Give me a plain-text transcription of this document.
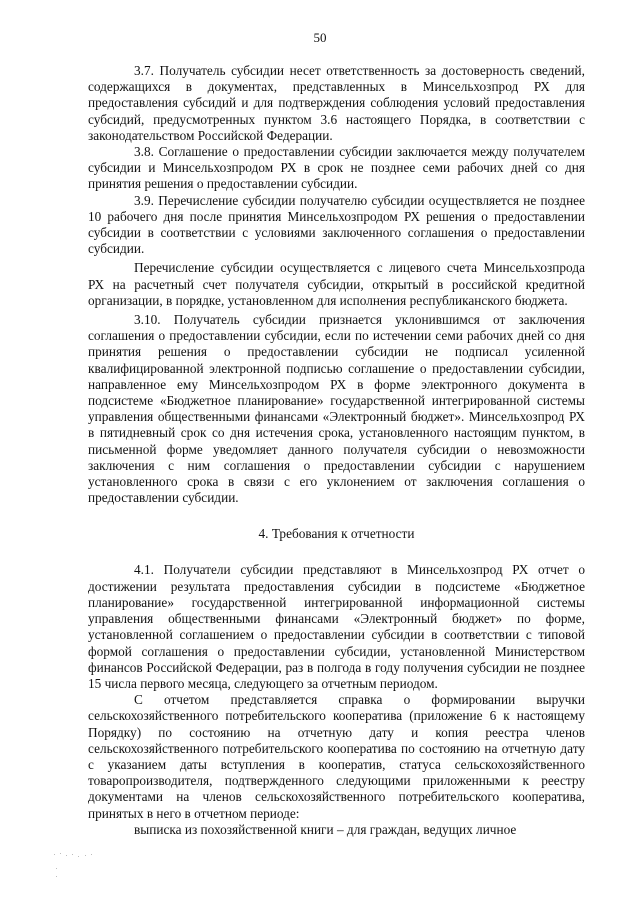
50

3.7. Получатель субсидии несет ответственность за достоверность сведений, содержащихся в документах, представленных в Минсельхозпрод РХ для предоставления субсидий и для подтверждения соблюдения условий предоставления субсидий, предусмотренных пунктом 3.6 настоящего Порядка, в соответствии с законодательством Российской Федерации.

3.8. Соглашение о предоставлении субсидии заключается между получателем субсидии и Минсельхозпродом РХ в срок не позднее семи рабочих дней со дня принятия решения о предоставлении субсидии.

3.9. Перечисление субсидии получателю субсидии осуществляется не позднее 10 рабочего дня после принятия Минсельхозпродом РХ решения о предоставлении субсидии в соответствии с условиями заключенного соглашения о предоставлении субсидии.

Перечисление субсидии осуществляется с лицевого счета Минсельхозпрода РХ на расчетный счет получателя субсидии, открытый в российской кредитной организации, в порядке, установленном для исполнения республиканского бюджета.

3.10. Получатель субсидии признается уклонившимся от заключения соглашения о предоставлении субсидии, если по истечении семи рабочих дней со дня принятия решения о предоставлении субсидии не подписал усиленной квалифицированной электронной подписью соглашение о предоставлении субсидии, направленное ему Минсельхозпродом РХ в форме электронного документа в подсистеме «Бюджетное планирование» государственной интегрированной системы управления общественными финансами «Электронный бюджет». Минсельхозпрод РХ в пятидневный срок со дня истечения срока, установленного настоящим пунктом, в письменной форме уведомляет данного получателя субсидии о невозможности заключения с ним соглашения о предоставлении субсидии с нарушением установленного срока в связи с его уклонением от заключения соглашения о предоставлении субсидии.

4. Требования к отчетности

4.1. Получатели субсидии представляют в Минсельхозпрод РХ отчет о достижении результата предоставления субсидии в подсистеме «Бюджетное планирование» государственной интегрированной информационной системы управления общественными финансами «Электронный бюджет» по форме, установленной соглашением о предоставлении субсидии в соответствии с типовой формой соглашения о предоставлении субсидии, установленной Министерством финансов Российской Федерации, раз в полгода в году получения субсидии не позднее 15 числа первого месяца, следующего за отчетным периодом.

С отчетом представляется справка о формировании выручки сельскохозяйственного потребительского кооператива (приложение 6 к настоящему Порядку) по состоянию на отчетную дату и копия реестра членов сельскохозяйственного потребительского кооператива по состоянию на отчетную дату с указанием даты вступления в кооператив, статуса сельскохозяйственного товаропроизводителя, подтвержденного следующими приложенными к реестру документами на членов сельскохозяйственного потребительского кооператива, принятых в него в отчетном периоде:

выписка из похозяйственной книги – для граждан, ведущих личное
